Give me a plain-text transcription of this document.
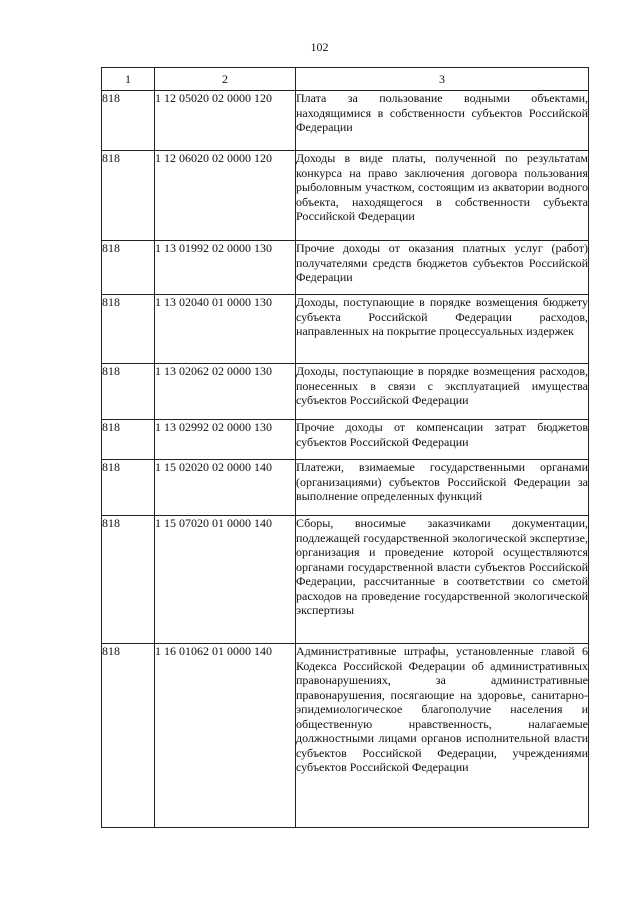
102
1	2	3
818	1 12 05020 02 0000 120	Плата за пользование водными объектами, находящимися в собственности субъектов Российской Федерации
818	1 12 06020 02 0000 120	Доходы в виде платы, полученной по результатам конкурса на право заключения договора пользования рыболовным участком, состоящим из акватории водного объекта, находящегося в собственности субъекта Российской Федерации
818	1 13 01992 02 0000 130	Прочие доходы от оказания платных услуг (работ) получателями средств бюджетов субъектов Российской Федерации
818	1 13 02040 01 0000 130	Доходы, поступающие в порядке возмещения бюджету субъекта Российской Федерации расходов, направленных на покрытие процессуальных издержек
818	1 13 02062 02 0000 130	Доходы, поступающие в порядке возмещения расходов, понесенных в связи с эксплуатацией имущества субъектов Российской Федерации
818	1 13 02992 02 0000 130	Прочие доходы от компенсации затрат бюджетов субъектов Российской Федерации
818	1 15 02020 02 0000 140	Платежи, взимаемые государственными органами (организациями) субъектов Российской Федерации за выполнение определенных функций
818	1 15 07020 01 0000 140	Сборы, вносимые заказчиками документации, подлежащей государственной экологической экспертизе, организация и проведение которой осуществляются органами государственной власти субъектов Российской Федерации, рассчитанные в соответствии со сметой расходов на проведение государственной экологической экспертизы
818	1 16 01062 01 0000 140	Административные штрафы, установленные главой 6 Кодекса Российской Федерации об административных правонарушениях, за административные правонарушения, посягающие на здоровье, санитарно-эпидемиологическое благополучие населения и общественную нравственность, налагаемые должностными лицами органов исполнительной власти субъектов Российской Федерации, учреждениями субъектов Российской Федерации
